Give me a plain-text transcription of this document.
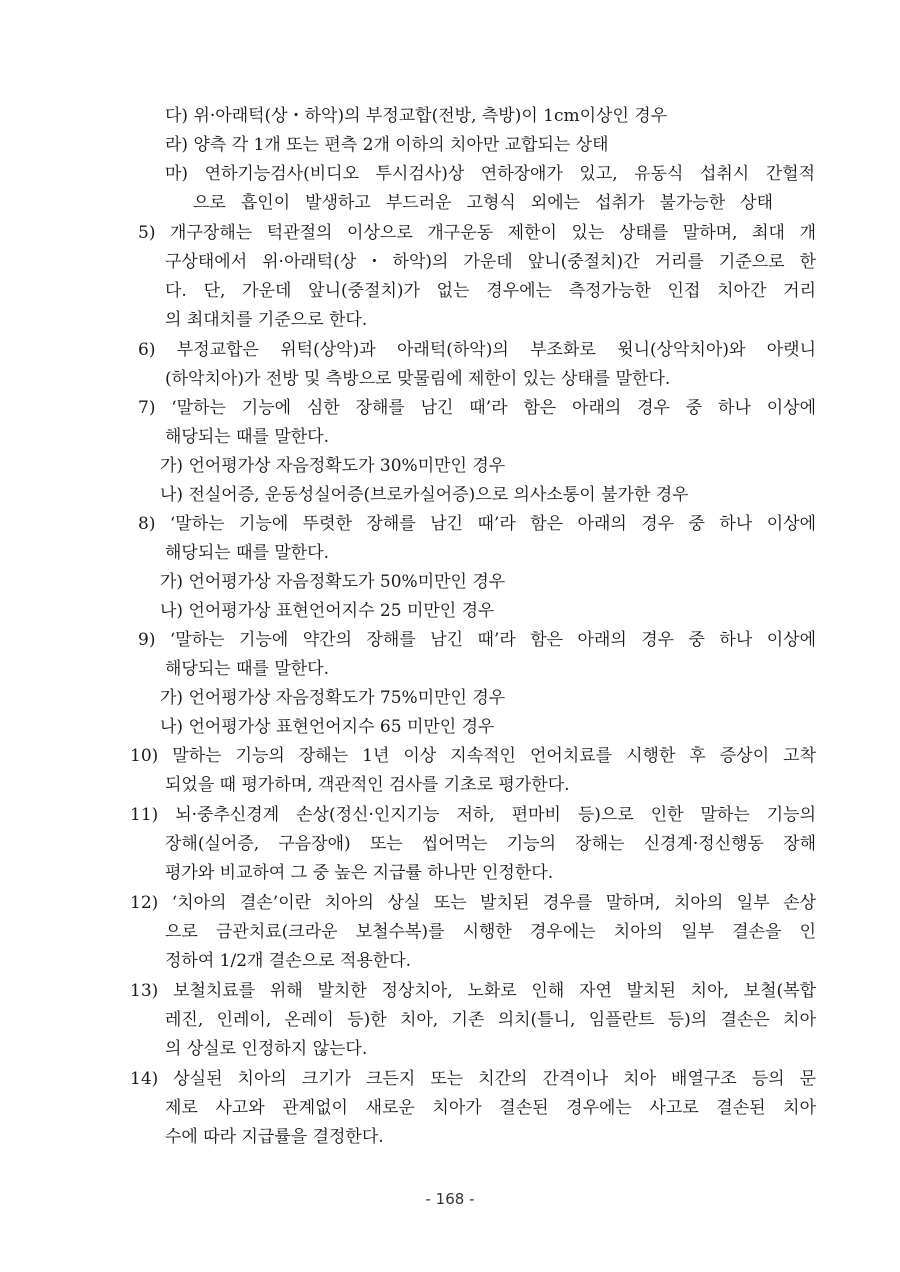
다) 위·아래턱(상・하악)의 부정교합(전방, 측방)이 1cm이상인 경우
라) 양측 각 1개 또는 편측 2개 이하의 치아만 교합되는 상태
마) 연하기능검사(비디오 투시검사)상 연하장애가 있고, 유동식 섭취시 간헐적
으로 흡인이 발생하고 부드러운 고형식 외에는 섭취가 불가능한 상태
5) 개구장해는 턱관절의 이상으로 개구운동 제한이 있는 상태를 말하며, 최대 개
구상태에서 위·아래턱(상・하악)의 가운데 앞니(중절치)간 거리를 기준으로 한
다. 단, 가운데 앞니(중절치)가 없는 경우에는 측정가능한 인접 치아간 거리
의 최대치를 기준으로 한다.
6) 부정교합은 위턱(상악)과 아래턱(하악)의 부조화로 윗니(상악치아)와 아랫니
(하악치아)가 전방 및 측방으로 맞물림에 제한이 있는 상태를 말한다.
7) ‘말하는 기능에 심한 장해를 남긴 때’라 함은 아래의 경우 중 하나 이상에
해당되는 때를 말한다.
가) 언어평가상 자음정확도가 30%미만인 경우
나) 전실어증, 운동성실어증(브로카실어증)으로 의사소통이 불가한 경우
8) ‘말하는 기능에 뚜렷한 장해를 남긴 때’라 함은 아래의 경우 중 하나 이상에
해당되는 때를 말한다.
가) 언어평가상 자음정확도가 50%미만인 경우
나) 언어평가상 표현언어지수 25 미만인 경우
9) ‘말하는 기능에 약간의 장해를 남긴 때’라 함은 아래의 경우 중 하나 이상에
해당되는 때를 말한다.
가) 언어평가상 자음정확도가 75%미만인 경우
나) 언어평가상 표현언어지수 65 미만인 경우
10) 말하는 기능의 장해는 1년 이상 지속적인 언어치료를 시행한 후 증상이 고착
되었을 때 평가하며, 객관적인 검사를 기초로 평가한다.
11) 뇌·중추신경계 손상(정신·인지기능 저하, 편마비 등)으로 인한 말하는 기능의
장해(실어증, 구음장애) 또는 씹어먹는 기능의 장해는 신경계·정신행동 장해
평가와 비교하여 그 중 높은 지급률 하나만 인정한다.
12) ‘치아의 결손’이란 치아의 상실 또는 발치된 경우를 말하며, 치아의 일부 손상
으로 금관치료(크라운 보철수복)를 시행한 경우에는 치아의 일부 결손을 인
정하여 1/2개 결손으로 적용한다.
13) 보철치료를 위해 발치한 정상치아, 노화로 인해 자연 발치된 치아, 보철(복합
레진, 인레이, 온레이 등)한 치아, 기존 의치(틀니, 임플란트 등)의 결손은 치아
의 상실로 인정하지 않는다.
14) 상실된 치아의 크기가 크든지 또는 치간의 간격이나 치아 배열구조 등의 문
제로 사고와 관계없이 새로운 치아가 결손된 경우에는 사고로 결손된 치아
수에 따라 지급률을 결정한다.
- 168 -
